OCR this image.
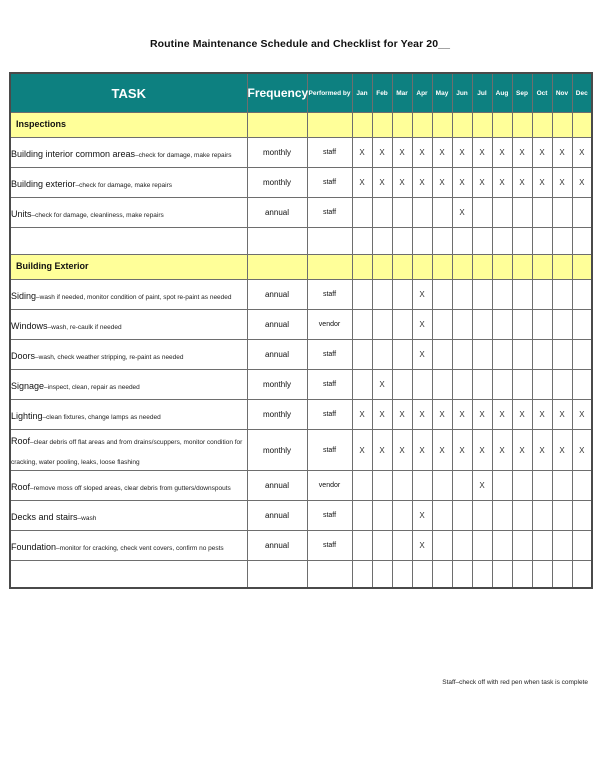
Routine Maintenance Schedule and Checklist for Year 20__
TASK	Frequency	Performed by	Jan	Feb	Mar	Apr	May	Jun	Jul	Aug	Sep	Oct	Nov	Dec
Inspections														
Building interior common areas–check for damage, make repairs	monthly	staff	X	X	X	X	X	X	X	X	X	X	X	X
Building exterior–check for damage, make repairs	monthly	staff	X	X	X	X	X	X	X	X	X	X	X	X
Units–check for damage, cleanliness, make repairs	annual	staff						X						

Building Exterior														
Siding–wash if needed, monitor condition of paint, spot re-paint as needed	annual	staff				X								
Windows–wash, re-caulk if needed	annual	vendor				X								
Doors–wash, check weather stripping, re-paint as needed	annual	staff				X								
Signage–inspect, clean, repair as needed	monthly	staff		X										
Lighting–clean fixtures, change lamps as needed	monthly	staff	X	X	X	X	X	X	X	X	X	X	X	X
Roof–clear debris off flat areas and from drains/scuppers, monitor condition for cracking, water pooling, leaks, loose flashing	monthly	staff	X	X	X	X	X	X	X	X	X	X	X	X
Roof–remove moss off sloped areas, clear debris from gutters/downspouts	annual	vendor							X					
Decks and stairs–wash	annual	staff				X								
Foundation–monitor for cracking, check vent covers, confirm no pests	annual	staff				X								

Staff–check off with red pen when task is complete
